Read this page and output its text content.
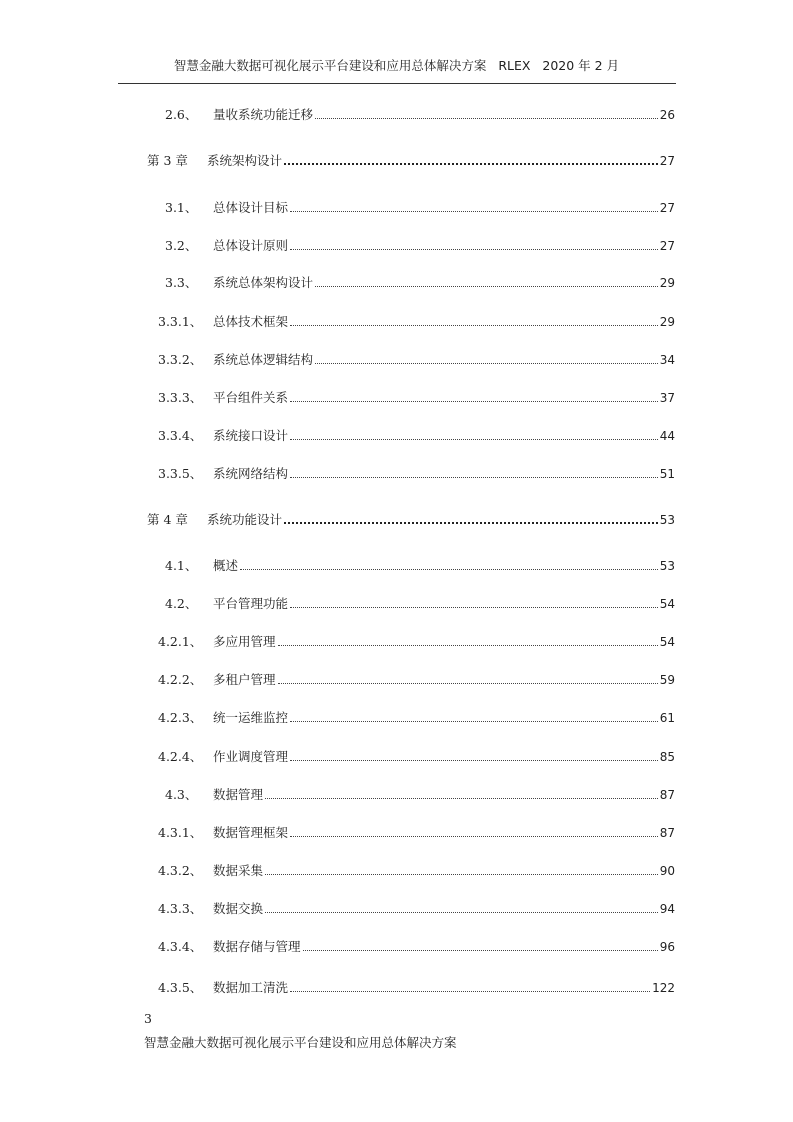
智慧金融大数据可视化展示平台建设和应用总体解决方案 RLEX 2020 年 2 月
2.6、	量收系统功能迁移	26
第 3 章	系统架构设计	27
3.1、	总体设计目标	27
3.2、	总体设计原则	27
3.3、	系统总体架构设计	29
3.3.1、 总体技术框架	29
3.3.2、 系统总体逻辑结构	34
3.3.3、 平台组件关系	37
3.3.4、 系统接口设计	44
3.3.5、 系统网络结构	51
第 4 章	系统功能设计	53
4.1、	概述	53
4.2、	平台管理功能	54
4.2.1、 多应用管理	54
4.2.2、 多租户管理	59
4.2.3、 统一运维监控	61
4.2.4、 作业调度管理	85
4.3、	数据管理	87
4.3.1、 数据管理框架	87
4.3.2、 数据采集	90
4.3.3、 数据交换	94
4.3.4、 数据存储与管理	96
4.3.5、 数据加工清洗	122
3
智慧金融大数据可视化展示平台建设和应用总体解决方案
